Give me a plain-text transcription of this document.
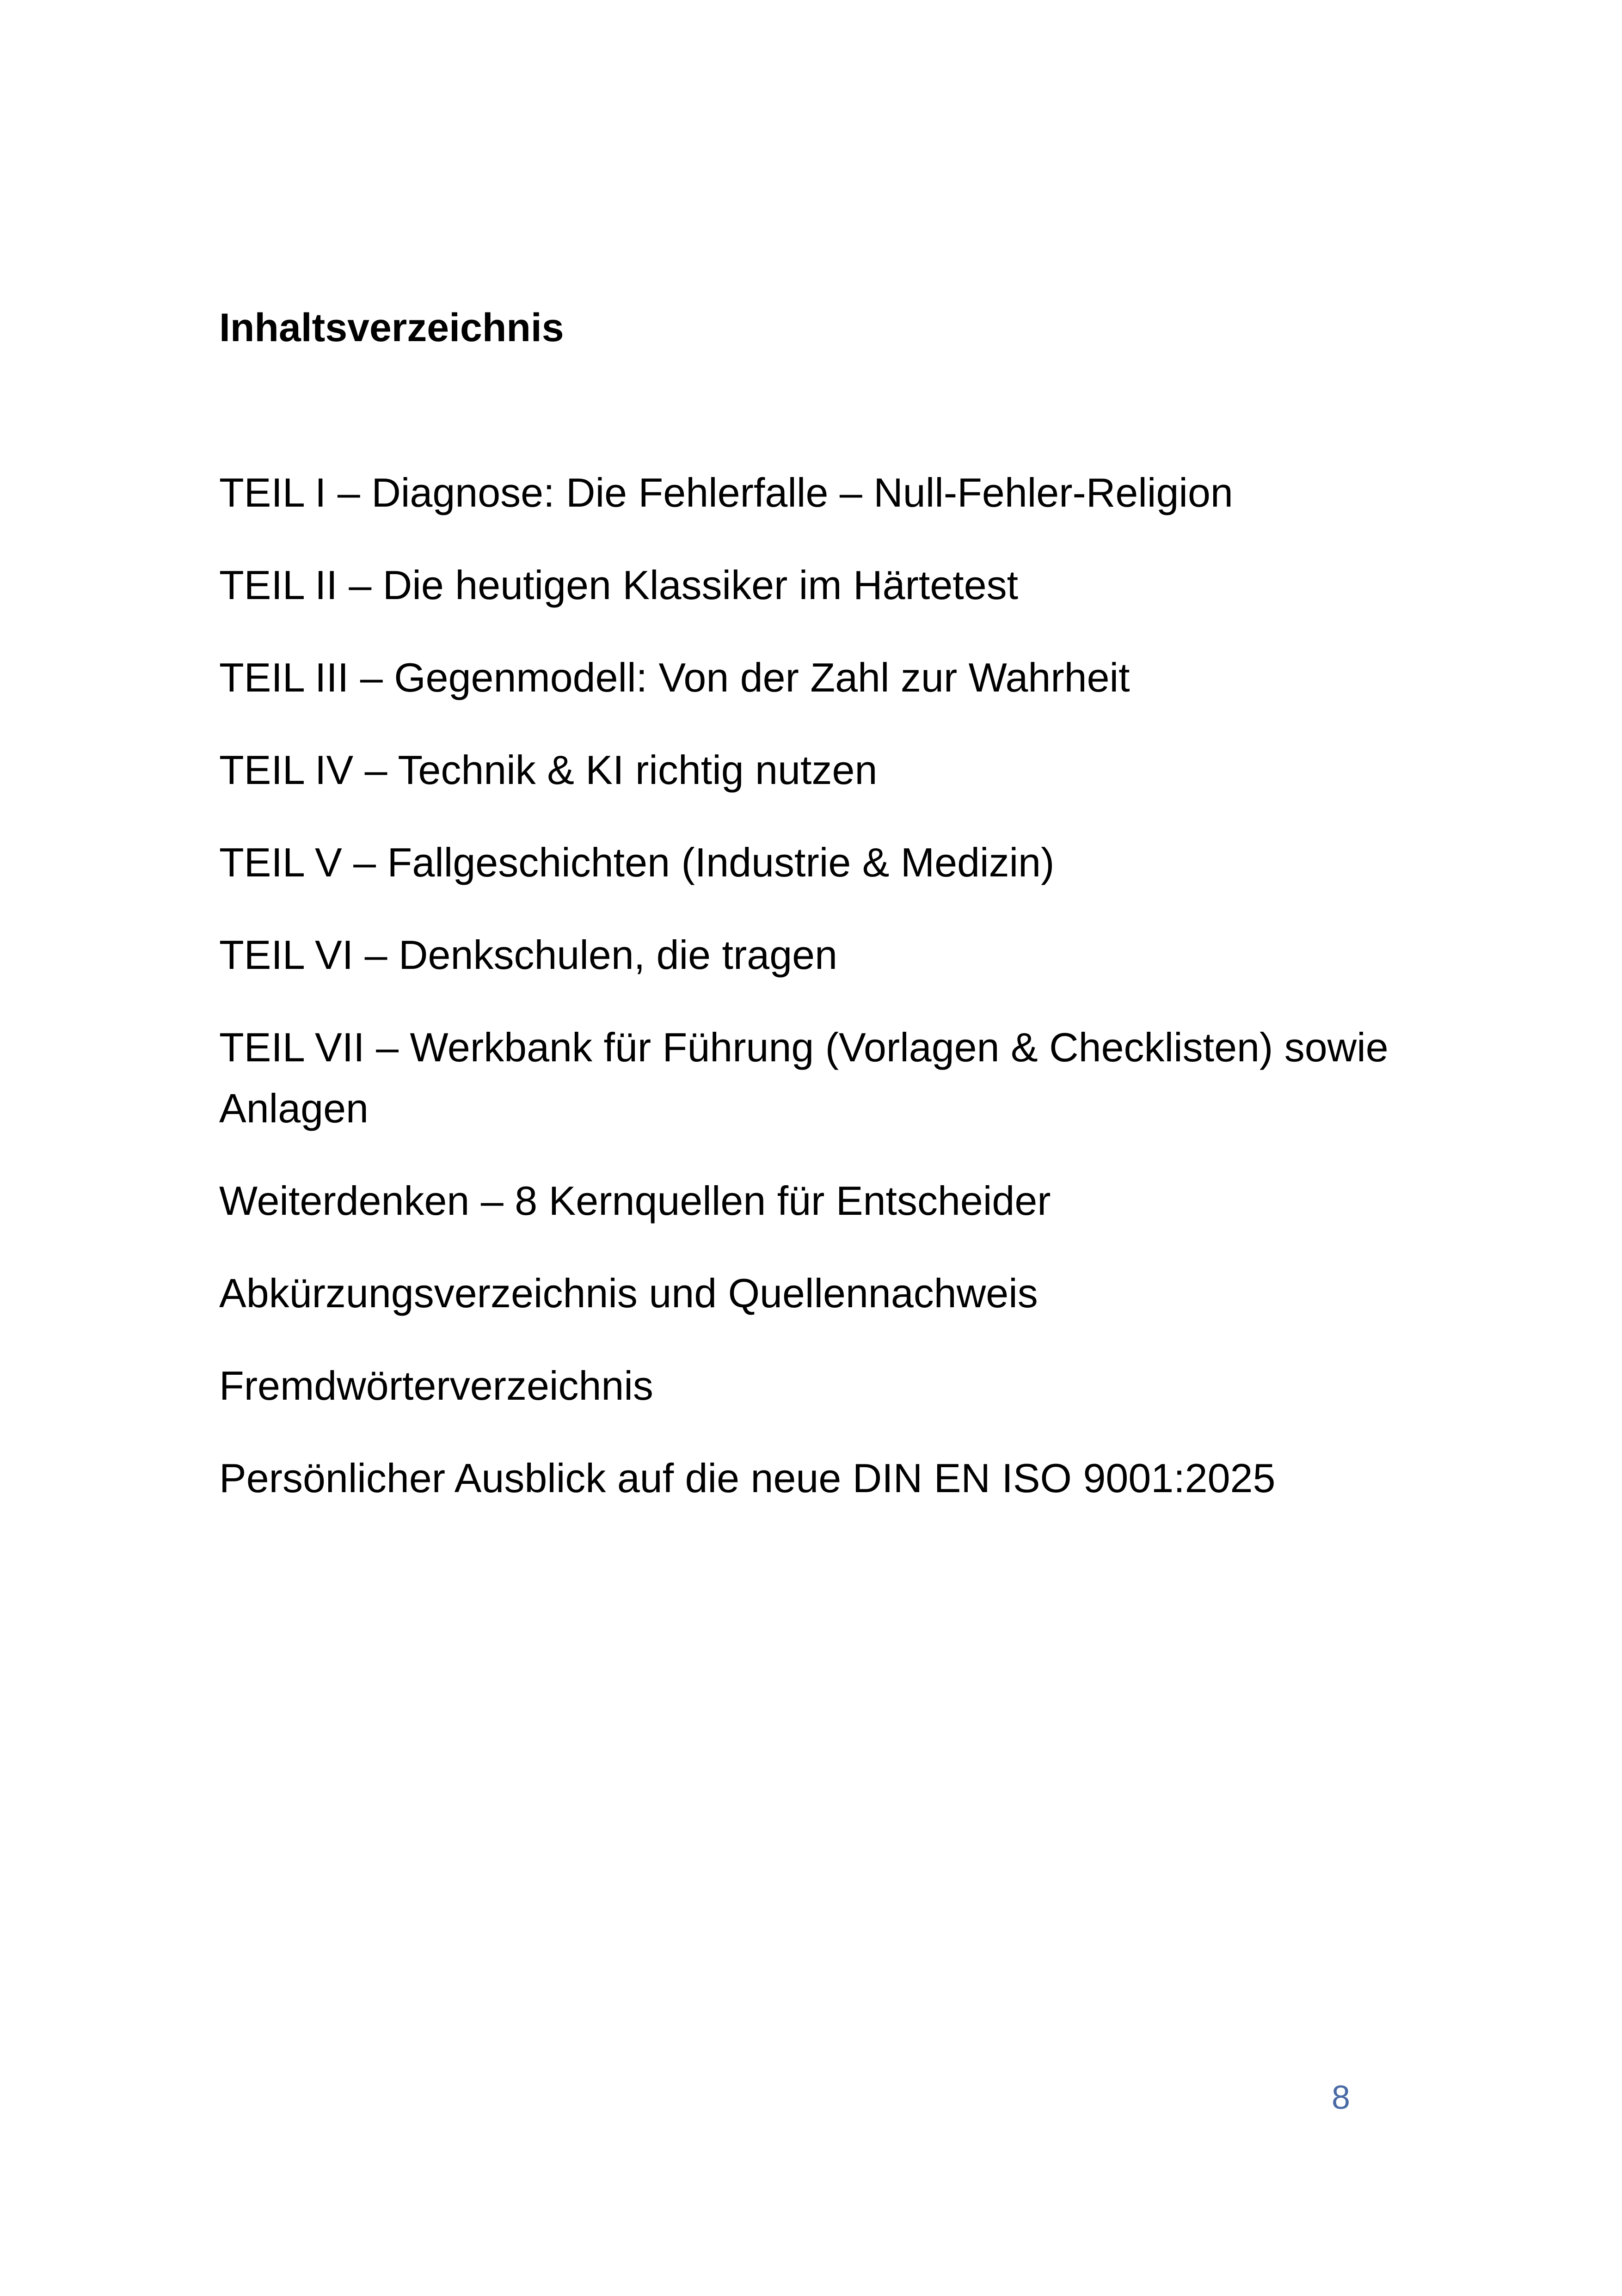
Inhaltsverzeichnis
TEIL I – Diagnose: Die Fehlerfalle – Null-Fehler-Religion
TEIL II – Die heutigen Klassiker im Härtetest
TEIL III – Gegenmodell: Von der Zahl zur Wahrheit
TEIL IV – Technik & KI richtig nutzen
TEIL V – Fallgeschichten (Industrie & Medizin)
TEIL VI – Denkschulen, die tragen
TEIL VII – Werkbank für Führung (Vorlagen & Checklisten) sowie Anlagen
Weiterdenken – 8 Kernquellen für Entscheider
Abkürzungsverzeichnis und Quellennachweis
Fremdwörterverzeichnis
Persönlicher Ausblick auf die neue DIN EN ISO 9001:2025
8
